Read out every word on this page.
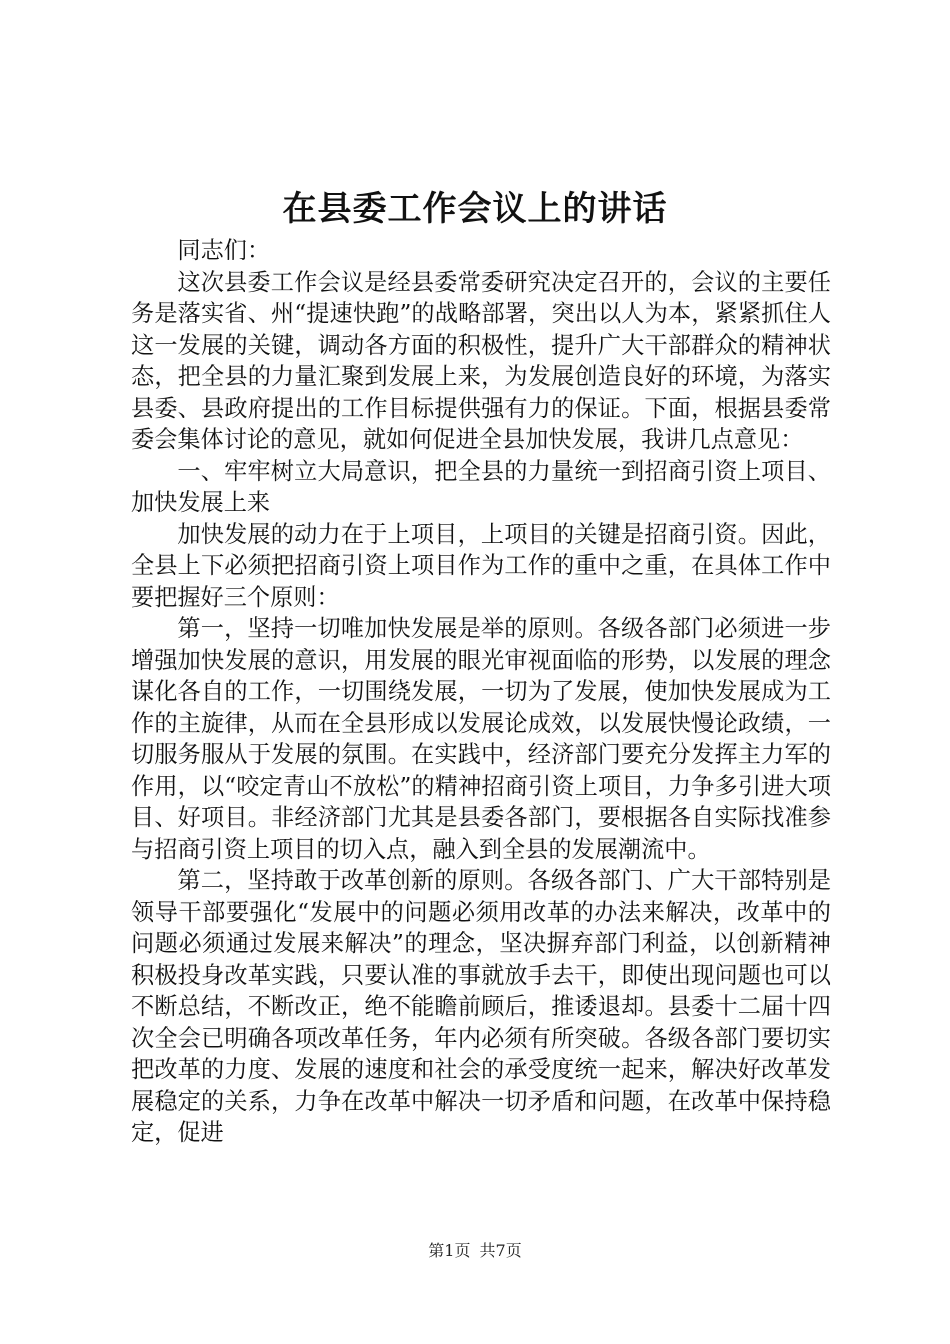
在县委工作会议上的讲话

同志们：

这次县委工作会议是经县委常委研究决定召开的，会议的主要任务是落实省、州“提速快跑”的战略部署，突出以人为本，紧紧抓住人这一发展的关键，调动各方面的积极性，提升广大干部群众的精神状态，把全县的力量汇聚到发展上来，为发展创造良好的环境，为落实县委、县政府提出的工作目标提供强有力的保证。下面，根据县委常委会集体讨论的意见，就如何促进全县加快发展，我讲几点意见：

一、牢牢树立大局意识，把全县的力量统一到招商引资上项目、加快发展上来

加快发展的动力在于上项目，上项目的关键是招商引资。因此，全县上下必须把招商引资上项目作为工作的重中之重，在具体工作中要把握好三个原则：

第一，坚持一切唯加快发展是举的原则。各级各部门必须进一步增强加快发展的意识，用发展的眼光审视面临的形势，以发展的理念谋化各自的工作，一切围绕发展，一切为了发展，使加快发展成为工作的主旋律，从而在全县形成以发展论成效，以发展快慢论政绩，一切服务服从于发展的氛围。在实践中，经济部门要充分发挥主力军的作用，以“咬定青山不放松”的精神招商引资上项目，力争多引进大项目、好项目。非经济部门尤其是县委各部门，要根据各自实际找准参与招商引资上项目的切入点，融入到全县的发展潮流中。

第二，坚持敢于改革创新的原则。各级各部门、广大干部特别是领导干部要强化“发展中的问题必须用改革的办法来解决，改革中的问题必须通过发展来解决”的理念，坚决摒弃部门利益，以创新精神积极投身改革实践，只要认准的事就放手去干，即使出现问题也可以不断总结，不断改正，绝不能瞻前顾后，推诿退却。县委十二届十四次全会已明确各项改革任务，年内必须有所突破。各级各部门要切实把改革的力度、发展的速度和社会的承受度统一起来，解决好改革发展稳定的关系，力争在改革中解决一切矛盾和问题，在改革中保持稳定，促进

第1页 共7页
